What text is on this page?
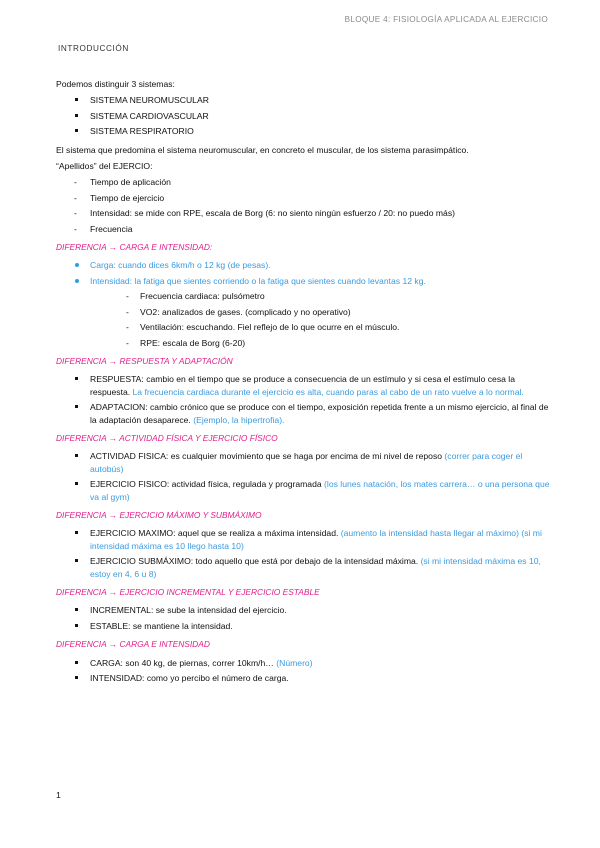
BLOQUE 4: FISIOLOGÍA APLICADA AL EJERCICIO
INTRODUCCIÓN

Podemos distinguir 3 sistemas:

SISTEMA NEUROMUSCULAR
SISTEMA CARDIOVASCULAR
SISTEMA RESPIRATORIO

El sistema que predomina el sistema neuromuscular, en concreto el muscular, de los sistema parasimpático.

“Apellidos” del EJERCIO:

- Tiempo de aplicación
- Tiempo de ejercicio
- Intensidad: se mide con RPE, escala de Borg (6: no siento ningún esfuerzo / 20: no puedo más)
- Frecuencia
DIFERENCIA → CARGA E INTENSIDAD:
Carga: cuando dices 6km/h o 12 kg (de pesas).
Intensidad: la fatiga que sientes corriendo o la fatiga que sientes cuando levantas 12 kg.
- Frecuencia cardiaca: pulsómetro
- VO2: analizados de gases. (complicado y no operativo)
- Ventilación: escuchando. Fiel reflejo de lo que ocurre en el músculo.
- RPE: escala de Borg (6-20)
DIFERENCIA → RESPUESTA Y ADAPTACIÓN
RESPUESTA: cambio en el tiempo que se produce a consecuencia de un estímulo y si cesa el estímulo cesa la respuesta. La frecuencia cardiaca durante el ejercicio es alta, cuando paras al cabo de un rato vuelve a lo normal.
ADAPTACION: cambio crónico que se produce con el tiempo, exposición repetida frente a un mismo ejercicio, al final de la adaptación desaparece. (Ejemplo, la hipertrofia).
DIFERENCIA → ACTIVIDAD FÍSICA Y EJERCICIO FÍSICO
ACTIVIDAD FISICA: es cualquier movimiento que se haga por encima de mi nivel de reposo (correr para coger el autobús)
EJERCICIO FISICO: actividad física, regulada y programada (los lunes natación, los mates carrera… o una persona que va al gym)
DIFERENCIA → EJERCICIO MÁXIMO Y SUBMÁXIMO
EJERCICIO MAXIMO: aquel que se realiza a máxima intensidad. (aumento la intensidad hasta llegar al máximo) (si mi intensidad máxima es 10 llego hasta 10)
EJERCICIO SUBMÁXIMO: todo aquello que está por debajo de la intensidad máxima. (si mi intensidad máxima es 10, estoy en 4, 6 u 8)
DIFERENCIA → EJERCICIO INCREMENTAL Y EJERCICIO ESTABLE
INCREMENTAL: se sube la intensidad del ejercicio.
ESTABLE: se mantiene la intensidad.
DIFERENCIA → CARGA E INTENSIDAD
CARGA: son 40 kg, de piernas, correr 10km/h… (Número)
INTENSIDAD: como yo percibo el número de carga.
1
